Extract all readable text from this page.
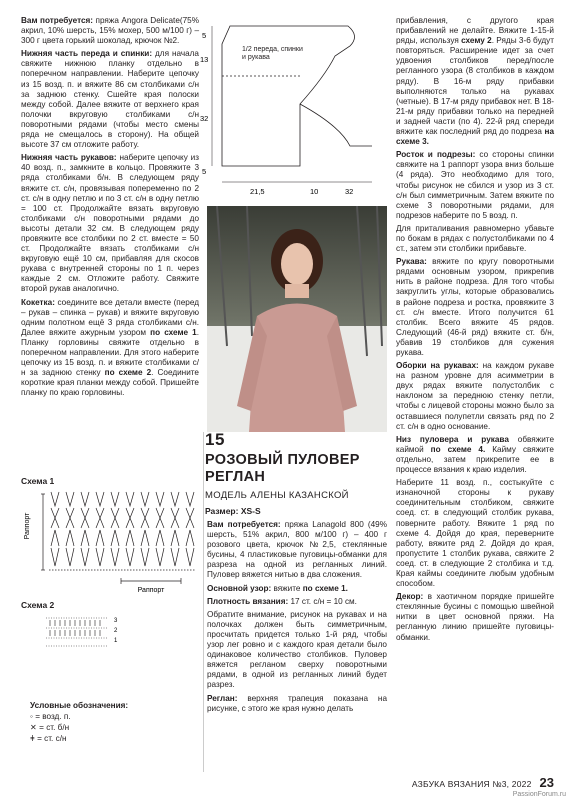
Вам потребуется: пряжа Angora Delicate(75% акрил, 10% шерсть, 15% мохер, 500 м/100 г) – 300 г цвета горький шоколад, крючок №2.

Нижняя часть переда и спинки: для начала свяжите нижнюю планку отдельно в поперечном направлении. Наберите цепочку из 15 возд. п. и вяжите 86 см столбиками с/н за заднюю стенку. Сшейте края полоски между собой. Далее вяжите от верхнего края полочки вкруговую столбиками с/н поворотными рядами (чтобы место смены ряда не смещалось в сторону). На общей высоте 37 см отложите работу.

Нижняя часть рукавов: наберите цепочку из 40 возд. п., замкните в кольцо. Провяжите 3 ряда столбиками б/н. В следующем ряду вяжите ст. с/н, провязывая попеременно по 2 ст. с/н в одну петлю и по 3 ст. с/н в одну петлю = 100 ст. Продолжайте вязать вкруговую столбиками с/н поворотными рядами до высоты детали 32 см. В следующем ряду провяжите все столбики по 2 ст. вместе = 50 ст. Продолжайте вязать столбиками с/н вкруговую ещё 10 см, прибавляя для скосов рукава с внутренней стороны по 1 п. через каждые 2 см. Отложите работу. Свяжите второй рукав аналогично.

Кокетка: соедините все детали вместе (перед – рукав – спинка – рукав) и вяжите вкруговую одним полотном ещё 3 ряда столбиками с/н. Далее вяжите ажурным узором по схеме 1. Планку горловины свяжите отдельно в поперечном направлении. Для этого наберите цепочку из 15 возд. п. и вяжите столбиками с/н за заднюю стенку по схеме 2. Соедините короткие края планки между собой. Пришейте планку по краю горловины.

Схема 1
Раппорт
Раппорт
Схема 2
3
2
1
Условные обозначения:
◦ = возд. п.
✕ = ст. б/н
ǂ = ст. с/н
5
13
32
5
1/2 переда, спинки и рукава
21,5	10	32
15
РОЗОВЫЙ ПУЛОВЕР РЕГЛАН
МОДЕЛЬ АЛЕНЫ КАЗАНСКОЙ
Размер: XS-S

Вам потребуется: пряжа Lanagold 800 (49% шерсть, 51% акрил, 800 м/100 г) – 400 г розового цвета, крючок №2,5, стеклянные бусины, 4 пластиковые пуговицы-обманки для разреза на одной из регланных линий. Пуловер вяжется нитью в два сложения.

Основной узор: вяжите по схеме 1.

Плотность вязания: 17 ст. с/н = 10 см.

Обратите внимание, рисунок на рукавах и на полочках должен быть симметричным, просчитать придется только 1-й ряд, чтобы узор лег ровно и с каждого края детали было одинаковое количество столбиков. Пуловер вяжется регланом сверху поворотными рядами, в одной из регланных линий будет разрез.

Реглан: верхняя трапеция показана на рисунке, с этого же края нужно делать

прибавления, с другого края прибавлений не делайте. Вяжите 1-15-й ряды, используя схему 2. Ряды 3-6 будут повторяться. Расширение идет за счет удвоения столбиков перед/после регланного узора (8 столбиков в каждом ряду). В 16-м ряду прибавки выполняются только на рукавах (четные). В 17-м ряду прибавок нет. В 18-21-м ряду прибавки только на передней и задней части (по 4). 22-й ряд спереди вяжите как последний ряд до подреза на схеме 3.

Росток и подрезы: со стороны спинки свяжите на 1 раппорт узора вниз больше (4 ряда). Это необходимо для того, чтобы рисунок не сбился и узор из 3 ст. с/н был симметричным. Затем вяжите по схеме 3 поворотными рядами, для подрезов наберите по 5 возд. п.

Для приталивания равномерно убавьте по бокам в рядах с полустолбиками по 4 ст., затем эти столбики прибавьте.

Рукава: вяжите по кругу поворотными рядами основным узором, прикрепив нить в районе подреза. Для того чтобы закруглить углы, которые образовались в районе подреза и ростка, провяжите 3 ст. с/н вместе. Итого получится 61 столбик. Всего вяжите 45 рядов. Следующий (46-й ряд) вяжите ст. б/н, убавив 19 столбиков для сужения рукава.

Оборки на рукавах: на каждом рукаве на разном уровне для асимметрии в двух рядах вяжите полустолбик с наклоном за переднюю стенку петли, чтобы с лицевой стороны можно было за оставшиеся полупетли связать ряд по 2 ст. с/н в одно основание.

Низ пуловера и рукава обвяжите каймой по схеме 4. Кайму свяжите отдельно, затем прикрепите ее в процессе вязания к краю изделия.

Наберите 11 возд. п., состыкуйте с изнаночной стороны к рукаву соединительным столбиком, свяжите соед. ст. в следующий столбик рукава, поверните работу. Вяжите 1 ряд по схеме 4. Дойдя до края, переверните работу, вяжите ряд 2. Дойдя до края, пропустите 1 столбик рукава, свяжите 2 соед. ст. в следующие 2 столбика и т.д. Края каймы соедините любым удобным способом.

Декор: в хаотичном порядке пришейте стеклянные бусины с помощью швейной нитки в цвет основной пряжи. На регланную линию пришейте пуговицы-обманки.

АЗБУКА ВЯЗАНИЯ №3, 2022 23
PassionForum.ru
